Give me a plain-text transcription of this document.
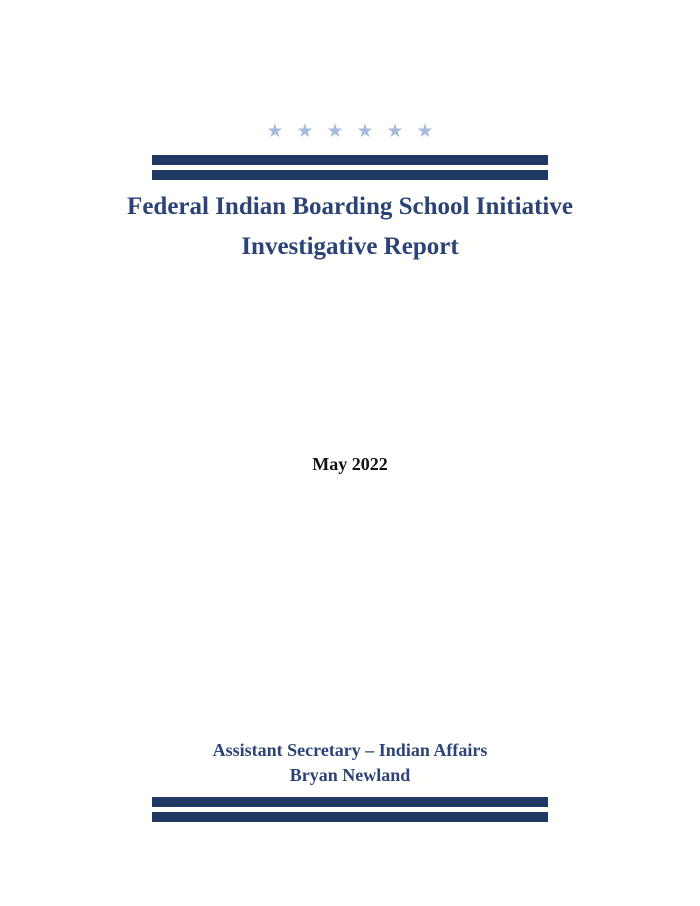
★★★★★★
Federal Indian Boarding School Initiative
Investigative Report
May 2022
Assistant Secretary – Indian Affairs
Bryan Newland
